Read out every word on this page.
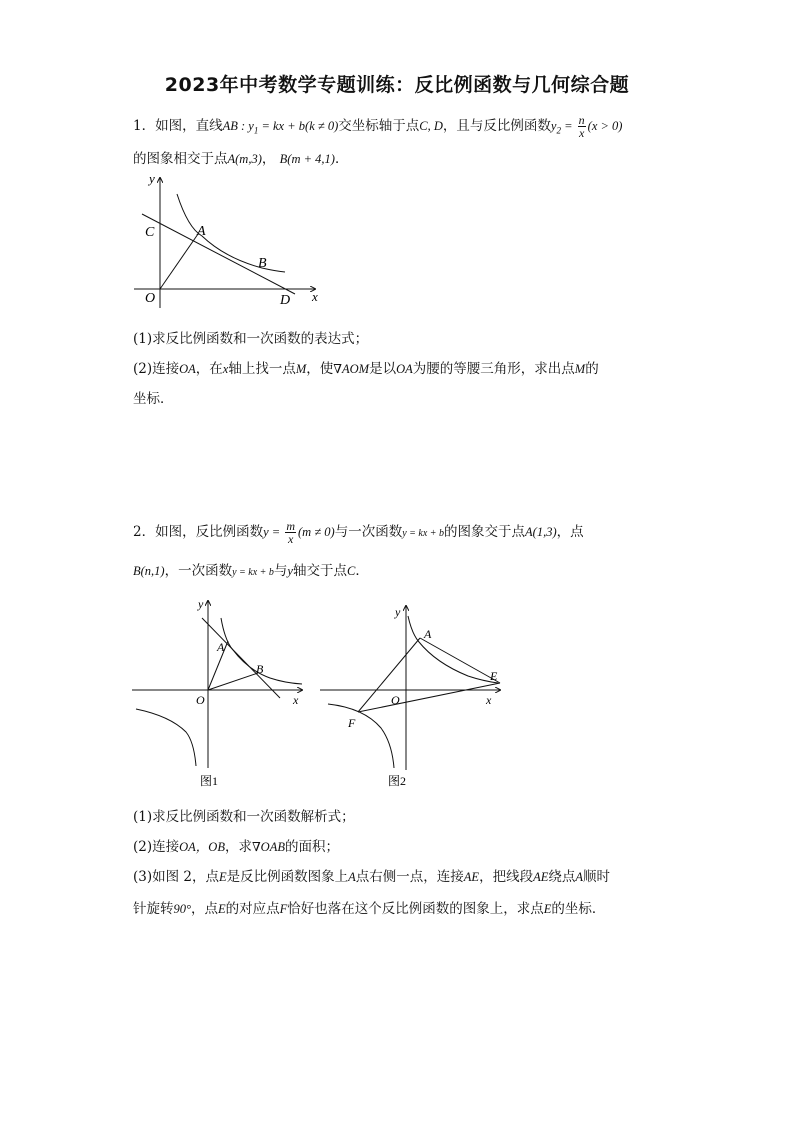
2023年中考数学专题训练：反比例函数与几何综合题
1．如图，直线AB : $y_1$ = kx + b(k ≠ 0)交坐标轴于点C, D，且与反比例函数$y_2 = \frac{n}{x} (x > 0)$
的图象相交于点A(m,3)， B(m + 4,1)．
y
x
C	A
B
O	D
(1)求反比例函数和一次函数的表达式；
(2)连接OA，在x轴上找一点M，使∇AOM是以OA为腰的等腰三角形，求出点M的
坐标．
2．如图，反比例函数$y = \frac{m}{x} (m \ne 0)$与一次函数y = kx + b的图象交于点A(1,3)，点
B(n,1)，一次函数y = kx + b与y轴交于点C．
y
x
A
B
O
图1
y
x
A
E
O
F
图2
(1)求反比例函数和一次函数解析式；
(2)连接OA，OB，求∇OAB的面积；
(3)如图 2，点E是反比例函数图象上A点右侧一点，连接AE，把线段AE绕点A顺时
针旋转90°，点E的对应点F恰好也落在这个反比例函数的图象上，求点E的坐标．
